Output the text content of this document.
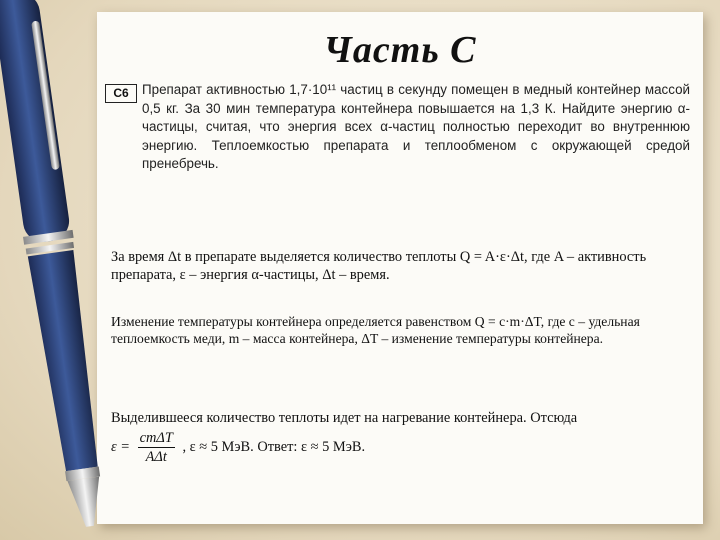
Часть С
С6 Препарат активностью 1,7·10¹¹ частиц в секунду помещен в медный контейнер массой 0,5 кг. За 30 мин температура контейнера повышается на 1,3 К. Найдите энергию α-частицы, считая, что энергия всех α-частиц полностью переходит во внутреннюю энергию. Теплоемкостью препарата и теплообменом с окружающей средой пренебречь.
За время Δt в препарате выделяется количество теплоты Q = A·ε·Δt, где A – активность препарата, ε – энергия α-частицы, Δt – время.
Изменение температуры контейнера определяется равенством Q = c·m·ΔT, где c – удельная теплоемкость меди, m – масса контейнера, ΔT – изменение температуры контейнера.
Выделившееся количество теплоты идет на нагревание контейнера. Отсюда
$\varepsilon = \frac{\text{cmΔT}}{\text{AΔt}}$ , ε ≈ 5 МэВ. Ответ: ε ≈ 5 МэВ.
